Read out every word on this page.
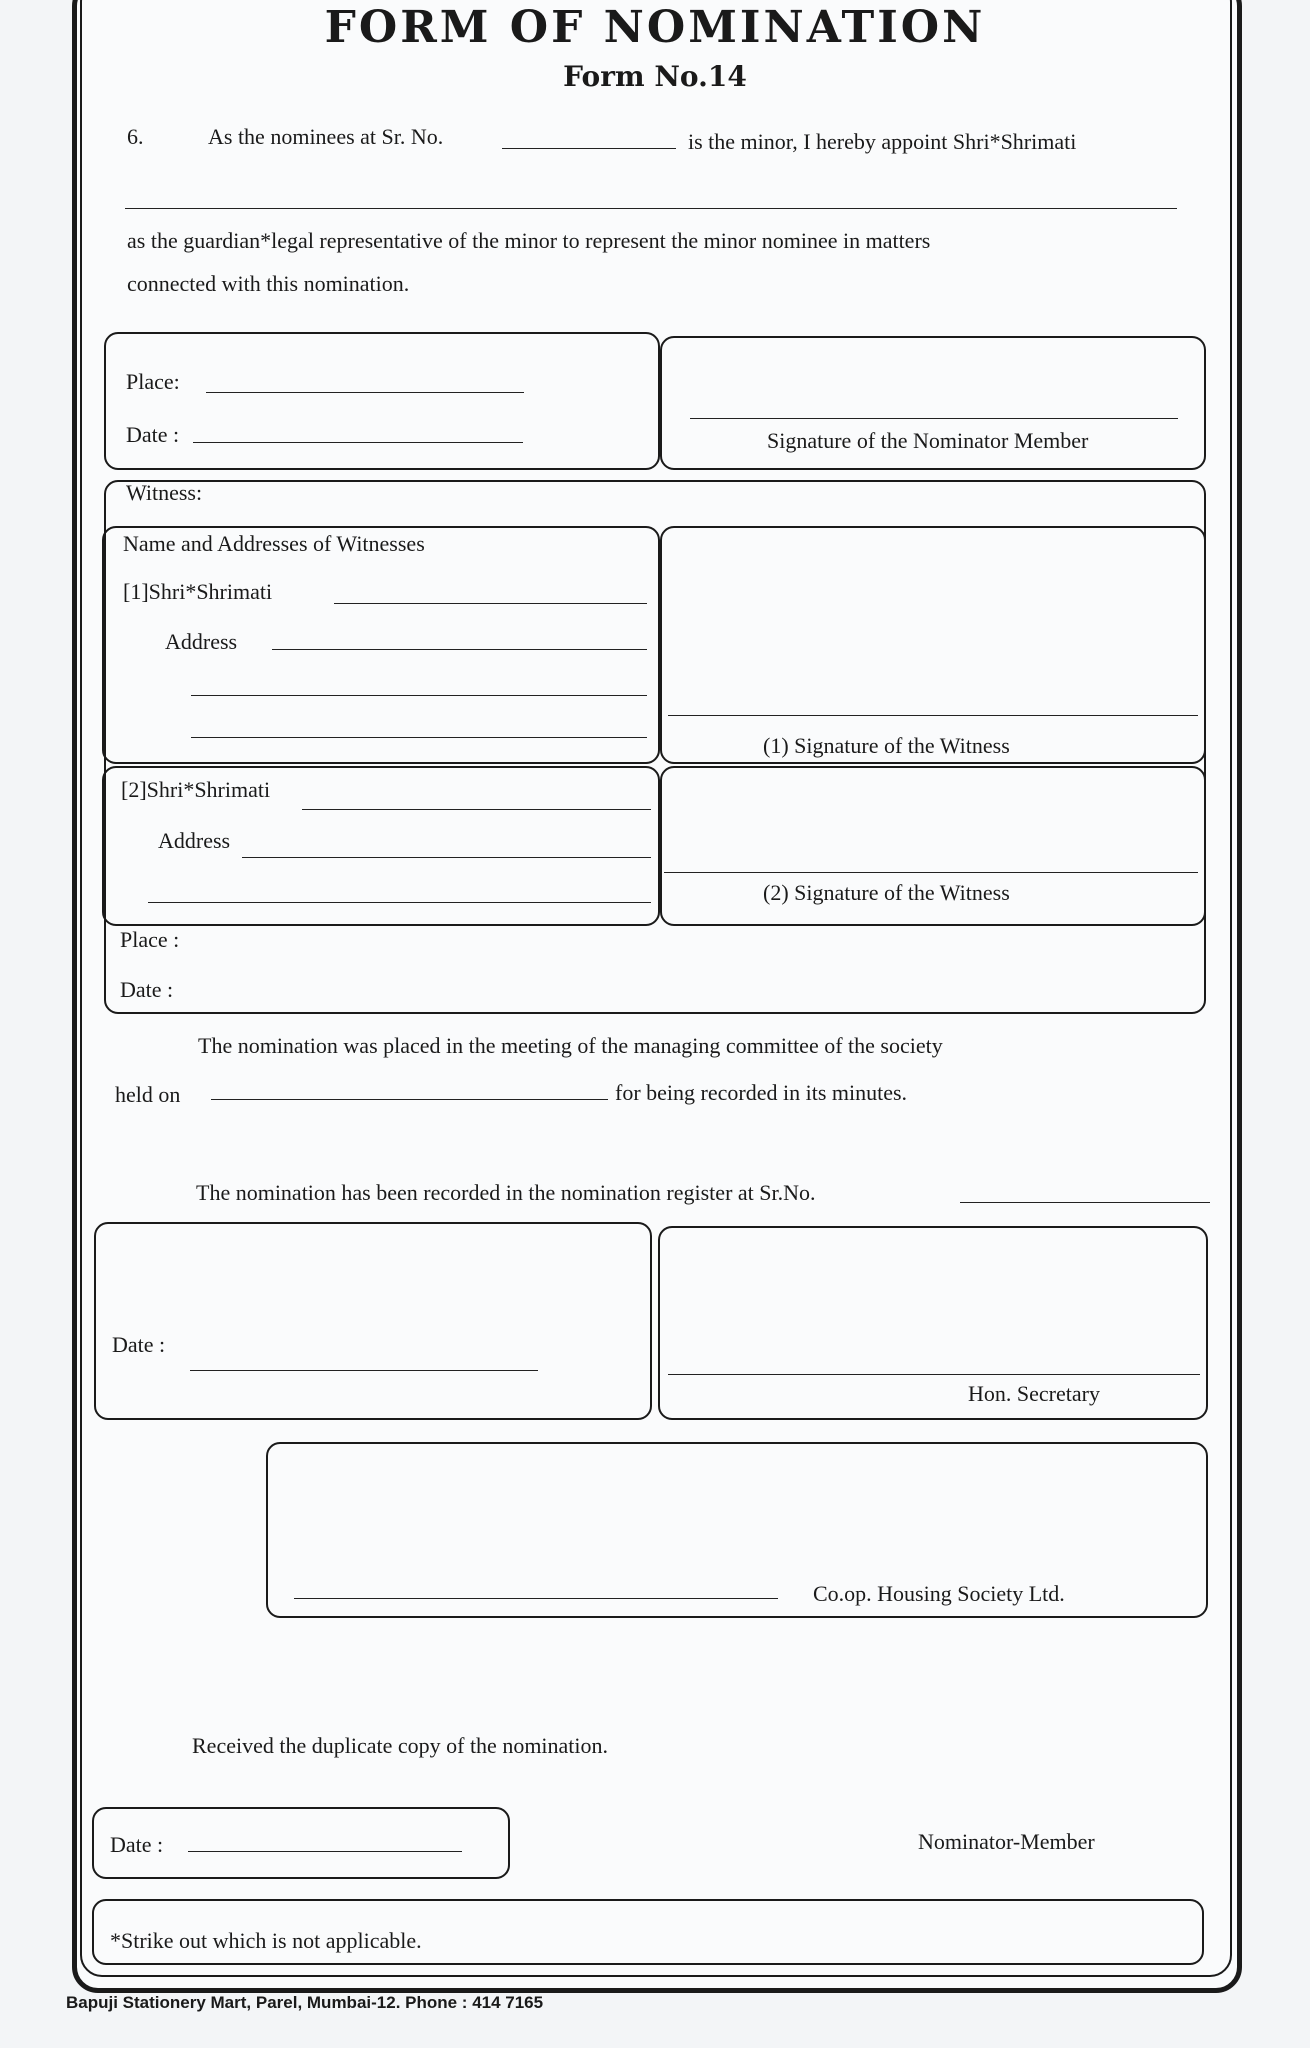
FORM OF NOMINATION
Form No.14
6.	As the nominees at Sr. No.	is the minor, I hereby appoint Shri*Shrimati
as the guardian*legal representative of the minor to represent the minor nominee in matters
connected with this nomination.
Place:
Date :	Signature of the Nominator Member
Witness:
Name and Addresses of Witnesses
[1]Shri*Shrimati
Address
(1) Signature of the Witness
[2]Shri*Shrimati
Address
(2) Signature of the Witness
Place :
Date :
The nomination was placed in the meeting of the managing committee of the society
held on	for being recorded in its minutes.
The nomination has been recorded in the nomination register at Sr.No.
Date :
Hon. Secretary
Co.op. Housing Society Ltd.
Received the duplicate copy of the nomination.
Date :	Nominator-Member
*Strike out which is not applicable.
Bapuji Stationery Mart, Parel, Mumbai-12. Phone : 414 7165
